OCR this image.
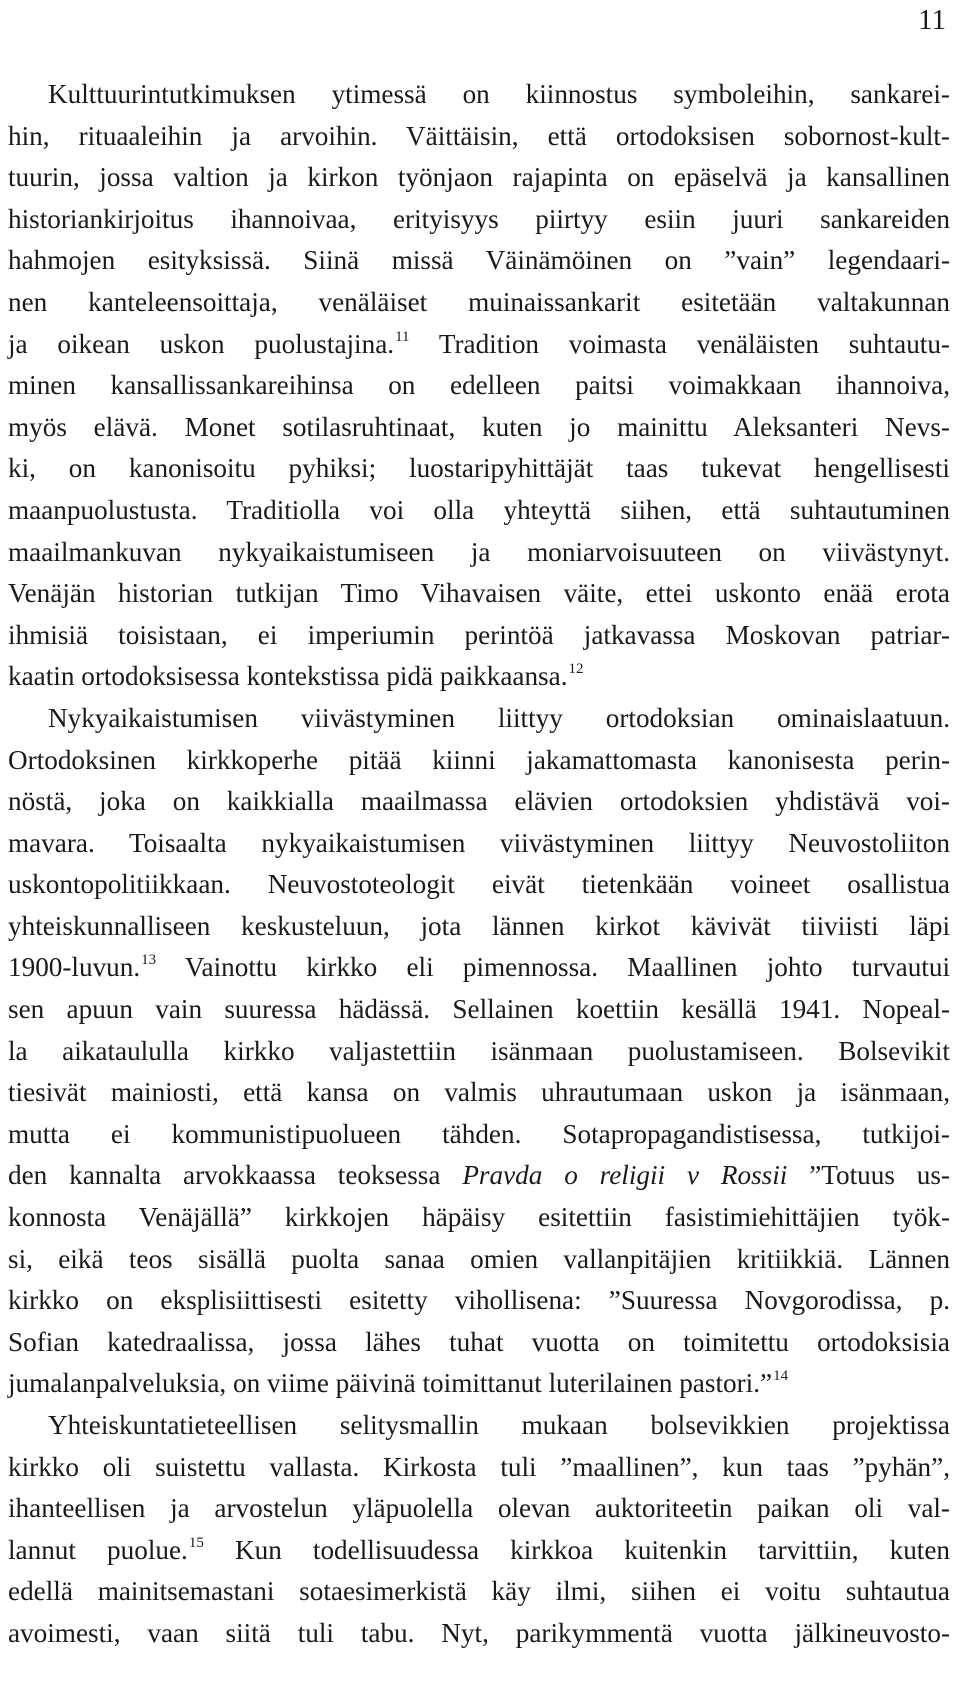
11
Kulttuurintutkimuksen ytimessä on kiinnostus symboleihin, sankarei-
hin, rituaaleihin ja arvoihin. Väittäisin, että ortodoksisen sobornost-kult-
tuurin, jossa valtion ja kirkon työnjaon rajapinta on epäselvä ja kansallinen
historiankirjoitus ihannoivaa, erityisyys piirtyy esiin juuri sankareiden
hahmojen esityksissä. Siinä missä Väinämöinen on ”vain” legendaari-
nen kanteleensoittaja, venäläiset muinaissankarit esitetään valtakunnan
ja oikean uskon puolustajina.$^{11}$ Tradition voimasta venäläisten suhtautu-
minen kansallissankareihinsa on edelleen paitsi voimakkaan ihannoiva,
myös elävä. Monet sotilasruhtinaat, kuten jo mainittu Aleksanteri Nevs-
ki, on kanonisoitu pyhiksi; luostaripyhittäjät taas tukevat hengellisesti
maanpuolustusta. Traditiolla voi olla yhteyttä siihen, että suhtautuminen
maailmankuvan nykyaikaistumiseen ja moniarvoisuuteen on viivästynyt.
Venäjän historian tutkijan Timo Vihavaisen väite, ettei uskonto enää erota
ihmisiä toisistaan, ei imperiumin perintöä jatkavassa Moskovan patriar-
kaatin ortodoksisessa kontekstissa pidä paikkaansa.$^{12}$
Nykyaikaistumisen viivästyminen liittyy ortodoksian ominaislaatuun.
Ortodoksinen kirkkoperhe pitää kiinni jakamattomasta kanonisesta perin-
nöstä, joka on kaikkialla maailmassa elävien ortodoksien yhdistävä voi-
mavara. Toisaalta nykyaikaistumisen viivästyminen liittyy Neuvostoliiton
uskontopolitiikkaan. Neuvostoteologit eivät tietenkään voineet osallistua
yhteiskunnalliseen keskusteluun, jota lännen kirkot kävivät tiiviisti läpi
1900-luvun.$^{13}$ Vainottu kirkko eli pimennossa. Maallinen johto turvautui
sen apuun vain suuressa hädässä. Sellainen koettiin kesällä 1941. Nopeal-
la aikataululla kirkko valjastettiin isänmaan puolustamiseen. Bolsevikit
tiesivät mainiosti, että kansa on valmis uhrautumaan uskon ja isänmaan,
mutta ei kommunistipuolueen tähden. Sotapropagandistisessa, tutkijoi-
den kannalta arvokkaassa teoksessa Pravda o religii v Rossii ”Totuus us-
konnosta Venäjällä” kirkkojen häpäisy esitettiin fasistimiehittäjien työk-
si, eikä teos sisällä puolta sanaa omien vallanpitäjien kritiikkiä. Lännen
kirkko on eksplisiittisesti esitetty vihollisena: ”Suuressa Novgorodissa, p.
Sofian katedraalissa, jossa lähes tuhat vuotta on toimitettu ortodoksisia
jumalanpalveluksia, on viime päivinä toimittanut luterilainen pastori.”$^{14}$
Yhteiskuntatieteellisen selitysmallin mukaan bolsevikkien projektissa
kirkko oli suistettu vallasta. Kirkosta tuli ”maallinen”, kun taas ”pyhän”,
ihanteellisen ja arvostelun yläpuolella olevan auktoriteetin paikan oli val-
lannut puolue.$^{15}$ Kun todellisuudessa kirkkoa kuitenkin tarvittiin, kuten
edellä mainitsemastani sotaesimerkistä käy ilmi, siihen ei voitu suhtautua
avoimesti, vaan siitä tuli tabu. Nyt, parikymmentä vuotta jälkineuvosto-
